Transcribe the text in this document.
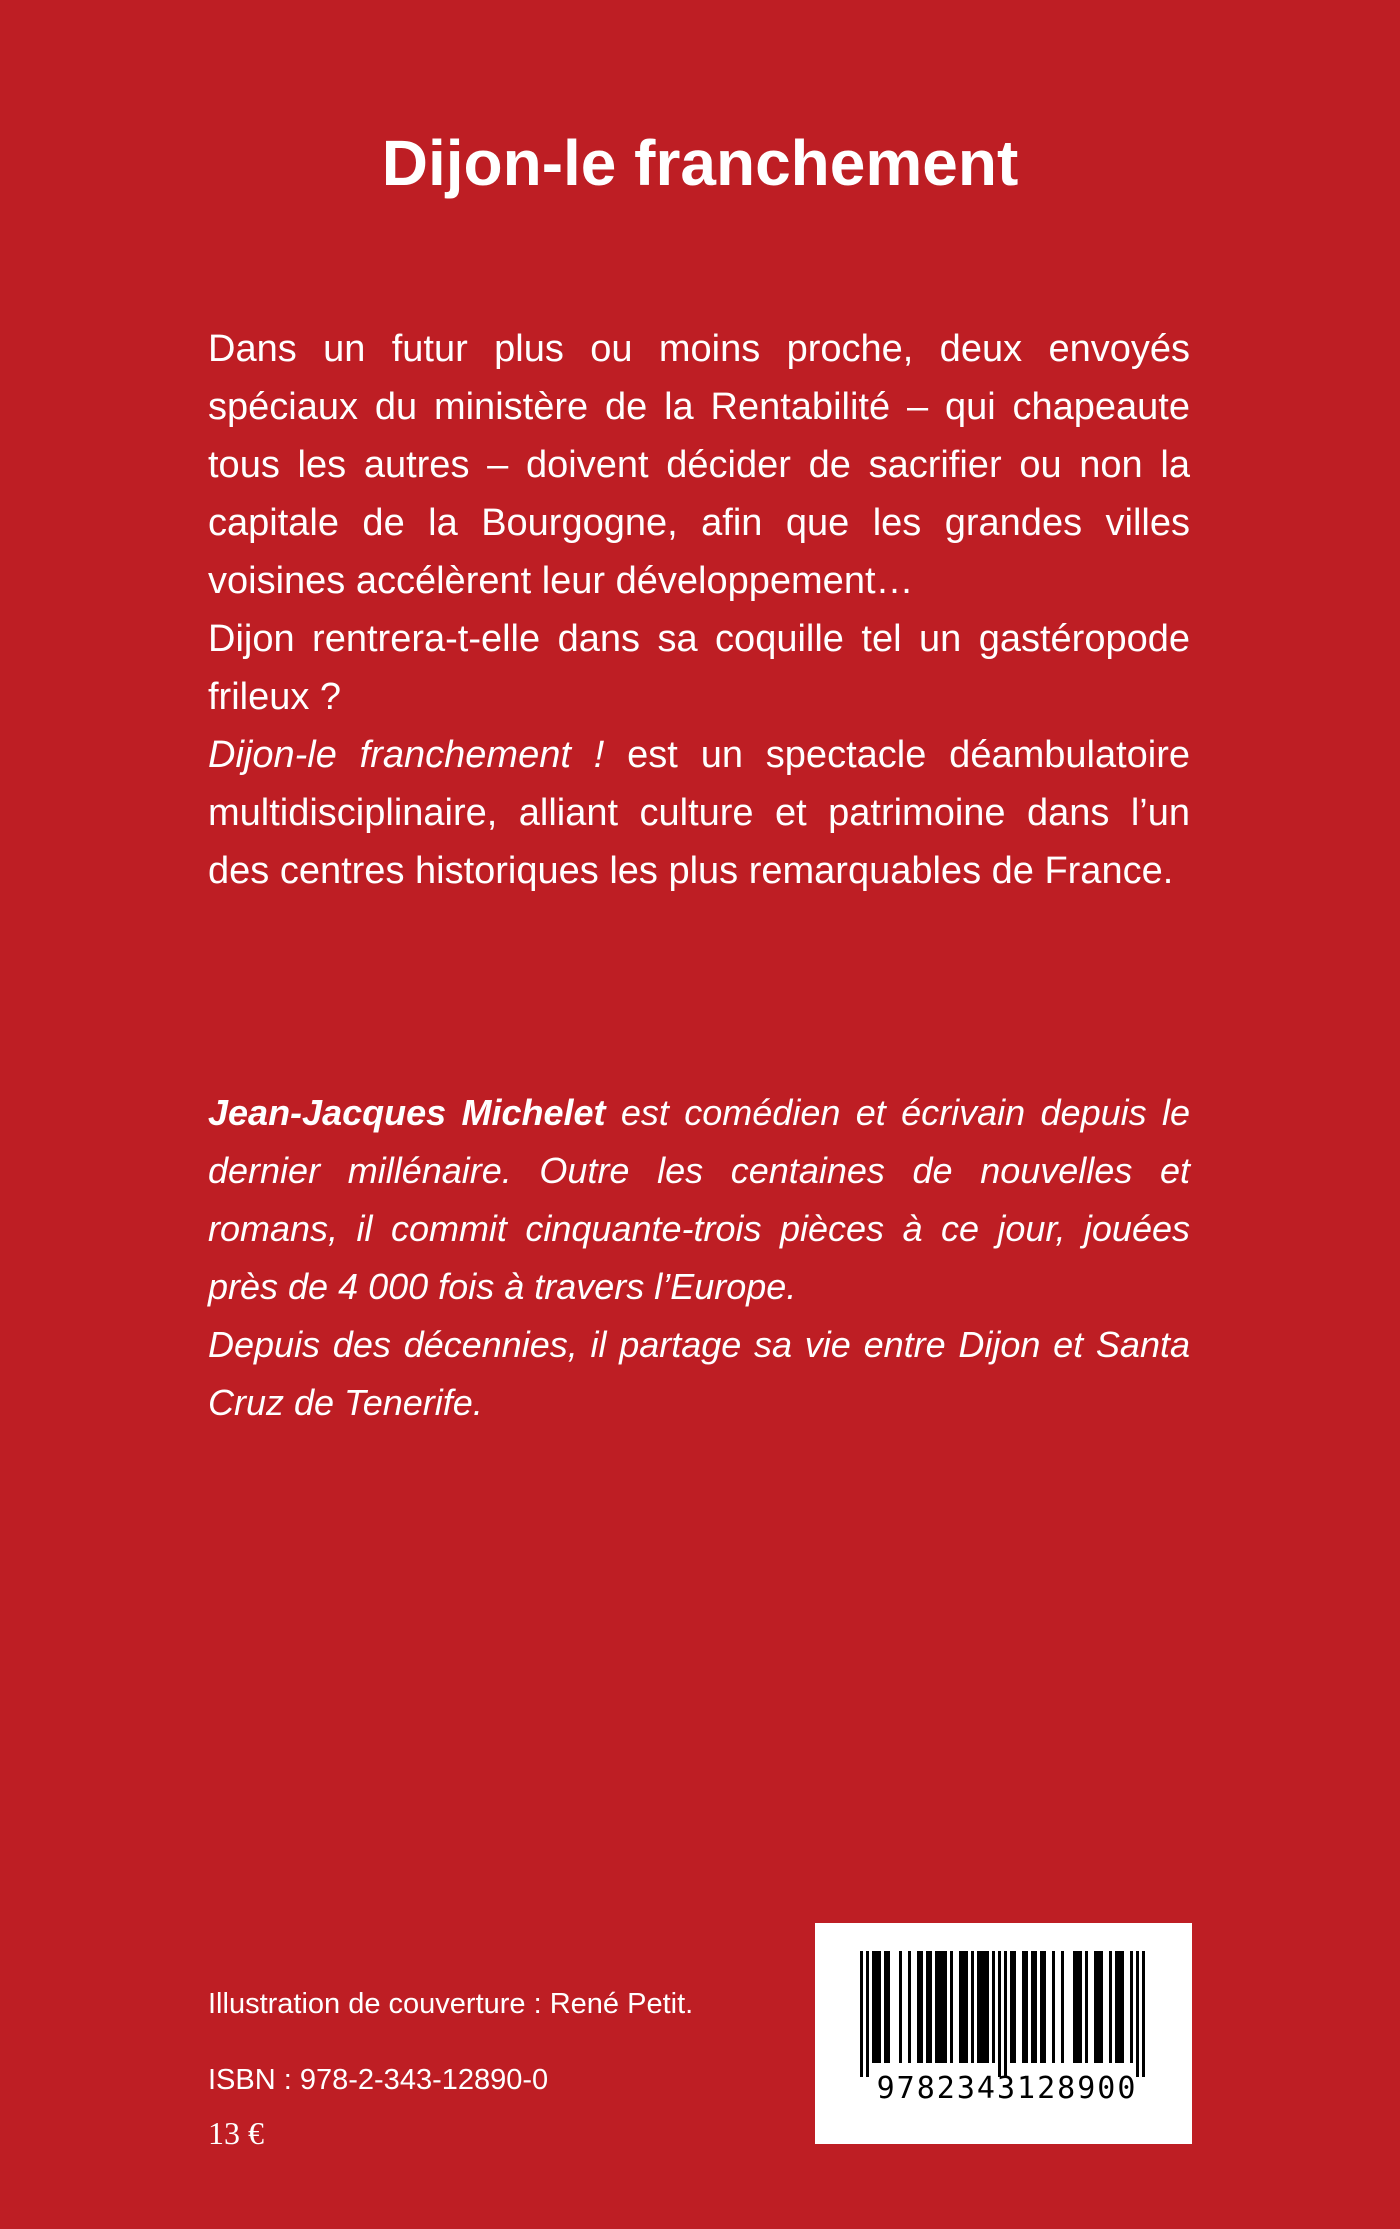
Dijon-le franchement

Dans un futur plus ou moins proche, deux envoyés spéciaux du ministère de la Rentabilité – qui chapeaute tous les autres – doivent décider de sacrifier ou non la capitale de la Bourgogne, afin que les grandes villes voisines accélèrent leur développement…

Dijon rentrera-t-elle dans sa coquille tel un gastéropode frileux ?

Dijon-le franchement ! est un spectacle déambulatoire multidisciplinaire, alliant culture et patrimoine dans l’un des centres historiques les plus remarquables de France.

Jean-Jacques Michelet est comédien et écrivain depuis le dernier millénaire. Outre les centaines de nouvelles et romans, il commit cinquante-trois pièces à ce jour, jouées près de 4 000 fois à travers l’Europe.

Depuis des décennies, il partage sa vie entre Dijon et Santa Cruz de Tenerife.

Illustration de couverture : René Petit.

ISBN : 978-2-343-12890-0

13 €

9782343128900
